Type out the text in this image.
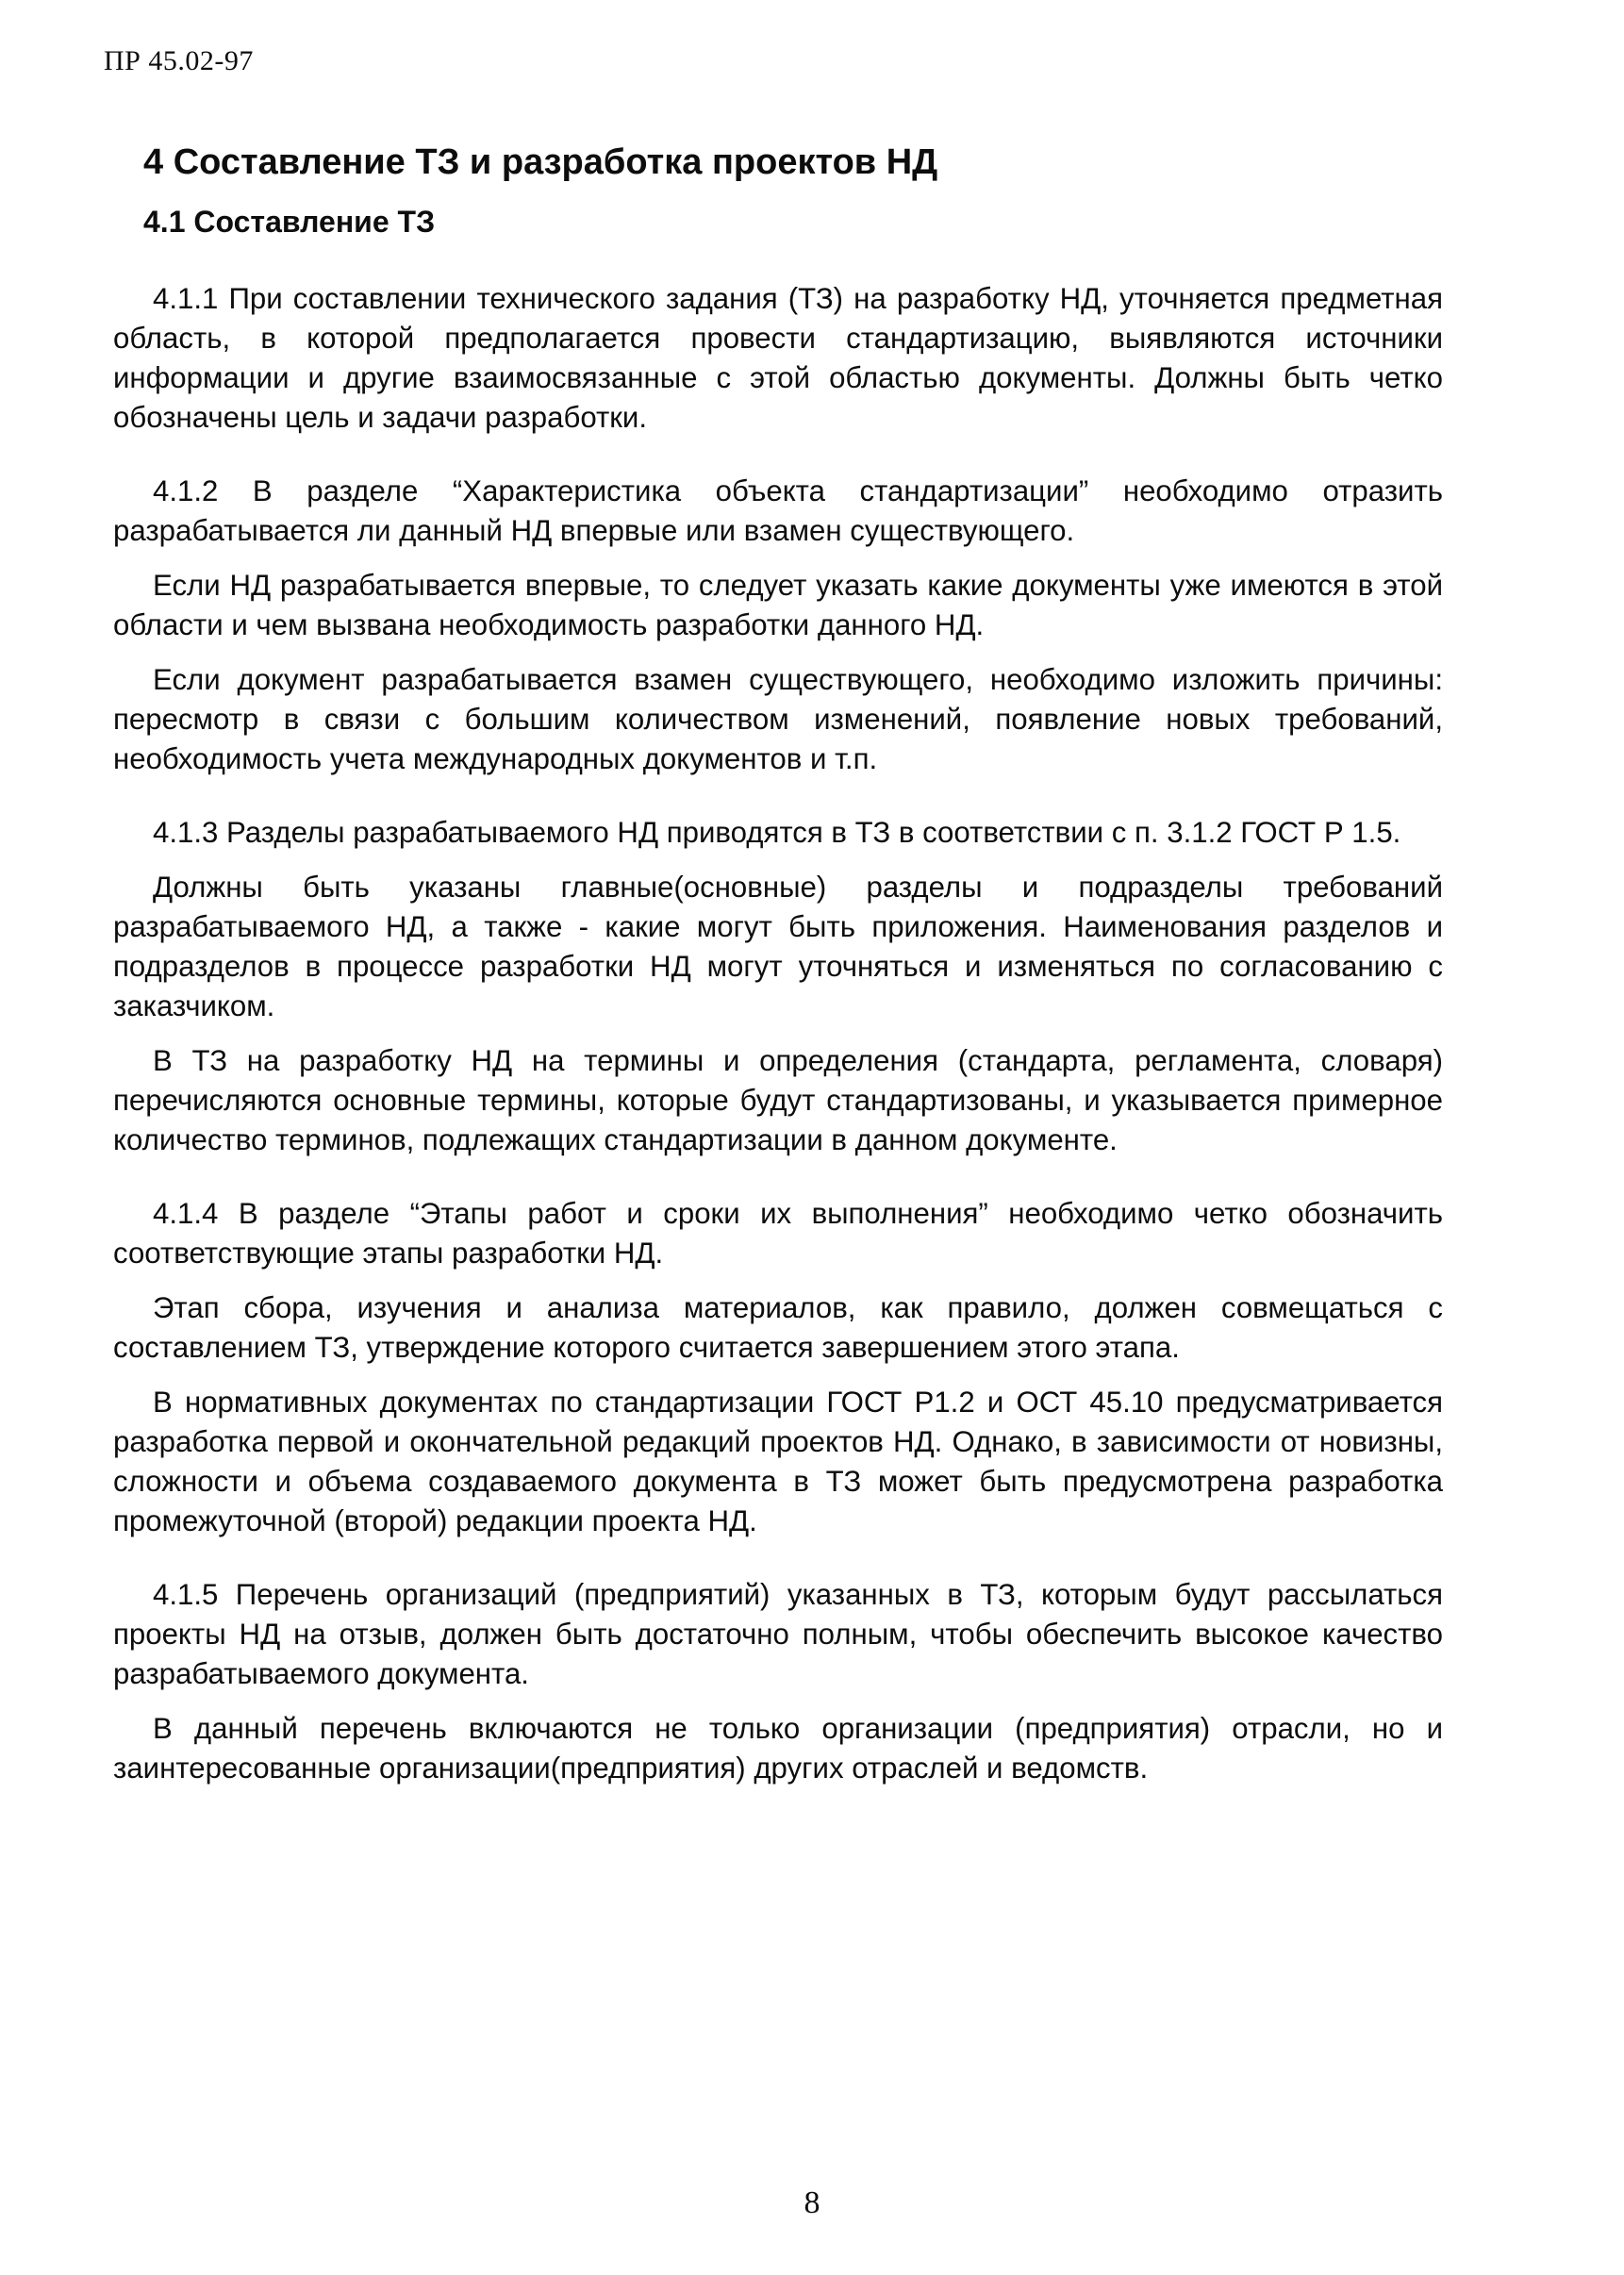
ПР 45.02-97
4 Составление ТЗ и разработка проектов НД
4.1 Составление ТЗ

4.1.1 При составлении технического задания (ТЗ) на разработку НД, уточняется предметная область, в которой предполагается провести стандартизацию, выявляются источники информации и другие взаимосвязанные с этой областью документы. Должны быть четко обозначены цель и задачи разработки.

4.1.2 В разделе “Характеристика объекта стандартизации” необходимо отразить разрабатывается ли данный НД впервые или взамен существующего.

Если НД разрабатывается впервые, то следует указать какие документы уже имеются в этой области и чем вызвана необходимость разработки данного НД.

Если документ разрабатывается взамен существующего, необходимо изложить причины: пересмотр в связи с большим количеством изменений, появление новых требований, необходимость учета международных документов и т.п.

4.1.3 Разделы разрабатываемого НД приводятся в ТЗ в соответствии с п. 3.1.2 ГОСТ Р 1.5.

Должны быть указаны главные(основные) разделы и подразделы требований разрабатываемого НД, а также - какие могут быть приложения. Наименования разделов и подразделов в процессе разработки НД могут уточняться и изменяться по согласованию с заказчиком.

В ТЗ на разработку НД на термины и определения (стандарта, регламента, словаря) перечисляются основные термины, которые будут стандартизованы, и указывается примерное количество терминов, подлежащих стандартизации в данном документе.

4.1.4 В разделе “Этапы работ и сроки их выполнения” необходимо четко обозначить соответствующие этапы разработки НД.

Этап сбора, изучения и анализа материалов, как правило, должен совмещаться с составлением ТЗ, утверждение которого считается завершением этого этапа.

В нормативных документах по стандартизации ГОСТ Р1.2 и ОСТ 45.10 предусматривается разработка первой и окончательной редакций проектов НД. Однако, в зависимости от новизны, сложности и объема создаваемого документа в ТЗ может быть предусмотрена разработка промежуточной (второй) редакции проекта НД.

4.1.5 Перечень организаций (предприятий) указанных в ТЗ, которым будут рассылаться проекты НД на отзыв, должен быть достаточно полным, чтобы обеспечить высокое качество разрабатываемого документа.

В данный перечень включаются не только организации (предприятия) отрасли, но и заинтересованные организации(предприятия) других отраслей и ведомств.

8
